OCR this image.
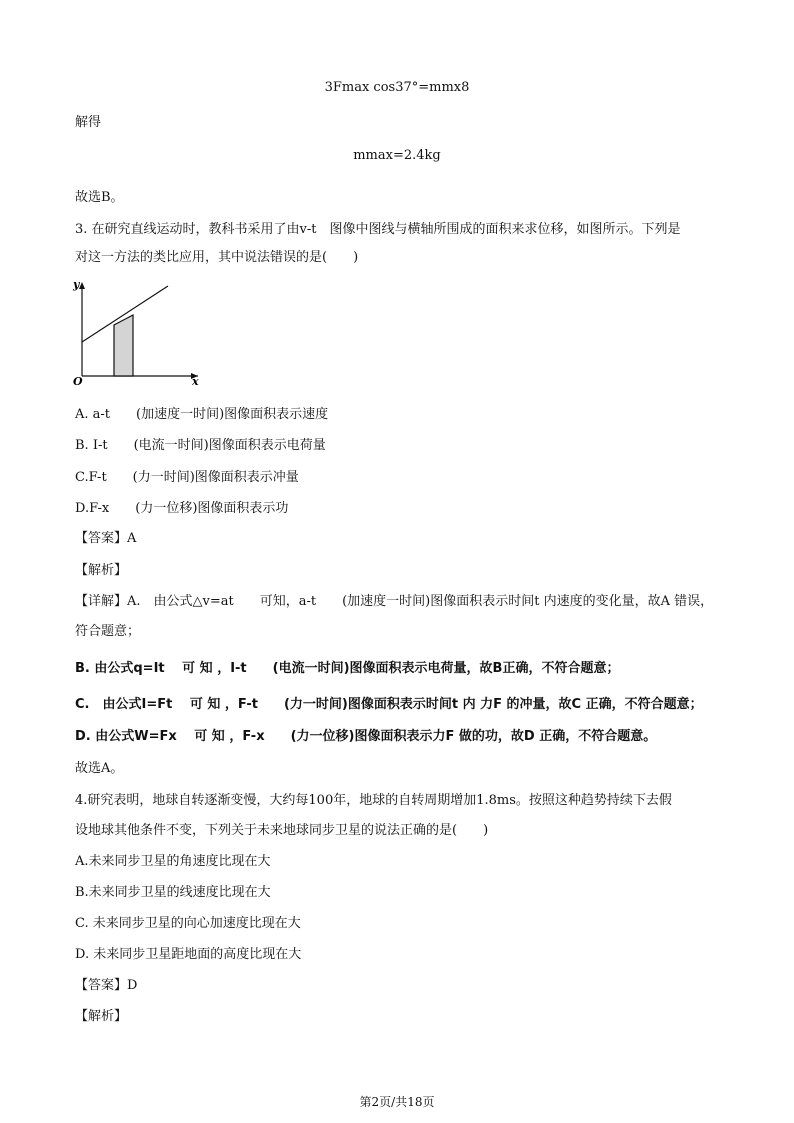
3Fmax cos37°=mmx8
解得
mmax=2.4kg
故选B。
3. 在研究直线运动时，教科书采用了由v-t　图像中图线与横轴所围成的面积来求位移，如图所示。下列是
对这一方法的类比应用，其中说法错误的是(　　)
y
x
O
A. a-t　　(加速度一时间)图像面积表示速度
B. I-t　　(电流一时间)图像面积表示电荷量
C.F-t　　(力一时间)图像面积表示冲量
D.F-x　　(力一位移)图像面积表示功
【答案】A
【解析】
【详解】A.　由公式△v=at　　可知，a-t　　(加速度一时间)图像面积表示时间t 内速度的变化量，故A 错误，
符合题意；
B. 由公式q=It　 可 知 ，I-t　　(电流一时间)图像面积表示电荷量，故B正确，不符合题意；
C.　由公式I=Ft　 可 知 ，F-t　　(力一时间)图像面积表示时间t 内 力F 的冲量，故C 正确，不符合题意；
D. 由公式W=Fx　 可 知 ，F-x　　(力一位移)图像面积表示力F 做的功，故D 正确，不符合题意。
故选A。
4.研究表明，地球自转逐渐变慢，大约每100年，地球的自转周期增加1.8ms。按照这种趋势持续下去假
设地球其他条件不变，下列关于未来地球同步卫星的说法正确的是(　　)
A.未来同步卫星的角速度比现在大
B.未来同步卫星的线速度比现在大
C. 未来同步卫星的向心加速度比现在大
D. 未来同步卫星距地面的高度比现在大
【答案】D
【解析】
第2页/共18页
